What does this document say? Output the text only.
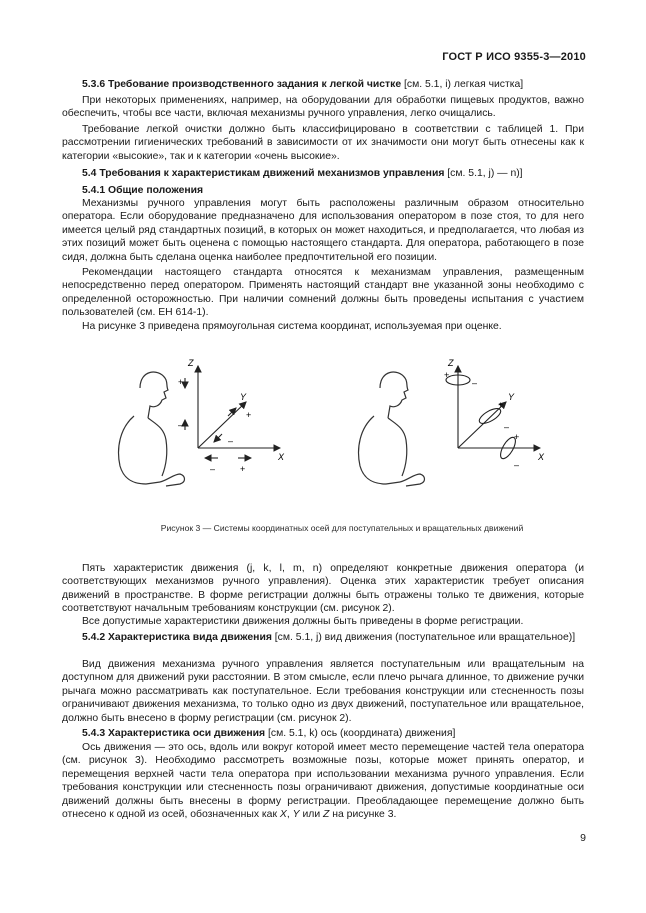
ГОСТ Р ИСО 9355-3—2010

5.3.6 Требование производственного задания к легкой чистке [см. 5.1, i) легкая чистка]

При некоторых применениях, например, на оборудовании для обработки пищевых продуктов, важно обеспечить, чтобы все части, включая механизмы ручного управления, легко очищались.

Требование легкой очистки должно быть классифицировано в соответствии с таблицей 1. При рассмотрении гигиенических требований в зависимости от их значимости они могут быть отнесены как к категории «высокие», так и к категории «очень высокие».

5.4 Требования к характеристикам движений механизмов управления [см. 5.1, j) — n)]

5.4.1 Общие положения

Механизмы ручного управления могут быть расположены различным образом относительно оператора. Если оборудование предназначено для использования оператором в позе стоя, то для него имеется целый ряд стандартных позиций, в которых он может находиться, и предполагается, что любая из этих позиций может быть оценена с помощью настоящего стандарта. Для оператора, работающего в позе сидя, должна быть сделана оценка наиболее предпочтительной его позиции.

Рекомендации настоящего стандарта относятся к механизмам управления, размещенным непосредственно перед оператором. Применять настоящий стандарт вне указанной зоны необходимо с определенной осторожностью. При наличии сомнений должны быть проведены испытания с участием пользователей (см. ЕН 614-1).

На рисунке 3 приведена прямоугольная система координат, используемая при оценке.

Z
Y
X
+
–
–	+
+
–
Z
Y
X
+
–
+
–
+
–
Рисунок 3 — Системы координатных осей для поступательных и вращательных движений

Пять характеристик движения (j, k, l, m, n) определяют конкретные движения оператора (и соответствующих механизмов ручного управления). Оценка этих характеристик требует описания движений в пространстве. В форме регистрации должны быть отражены только те движения, которые соответствуют начальным требованиям конструкции (см. рисунок 2).

Все допустимые характеристики движения должны быть приведены в форме регистрации.

5.4.2 Характеристика вида движения [см. 5.1, j) вид движения (поступательное или вращательное)]

Вид движения механизма ручного управления является поступательным или вращательным на доступном для движений руки расстоянии. В этом смысле, если плечо рычага длинное, то движение ручки рычага можно рассматривать как поступательное. Если требования конструкции или стесненность позы ограничивают движения механизма, то только одно из двух движений, поступательное или вращательное, должно быть внесено в форму регистрации (см. рисунок 2).

5.4.3 Характеристика оси движения [см. 5.1, k) ось (координата) движения]

Ось движения — это ось, вдоль или вокруг которой имеет место перемещение частей тела оператора (см. рисунок 3). Необходимо рассмотреть возможные позы, которые может принять оператор, и перемещения верхней части тела оператора при использовании механизма ручного управления. Если требования конструкции или стесненность позы ограничивают движения, допустимые координатные оси движений должны быть внесены в форму регистрации. Преобладающее перемещение должно быть отнесено к одной из осей, обозначенных как X, Y или Z на рисунке 3.

9
